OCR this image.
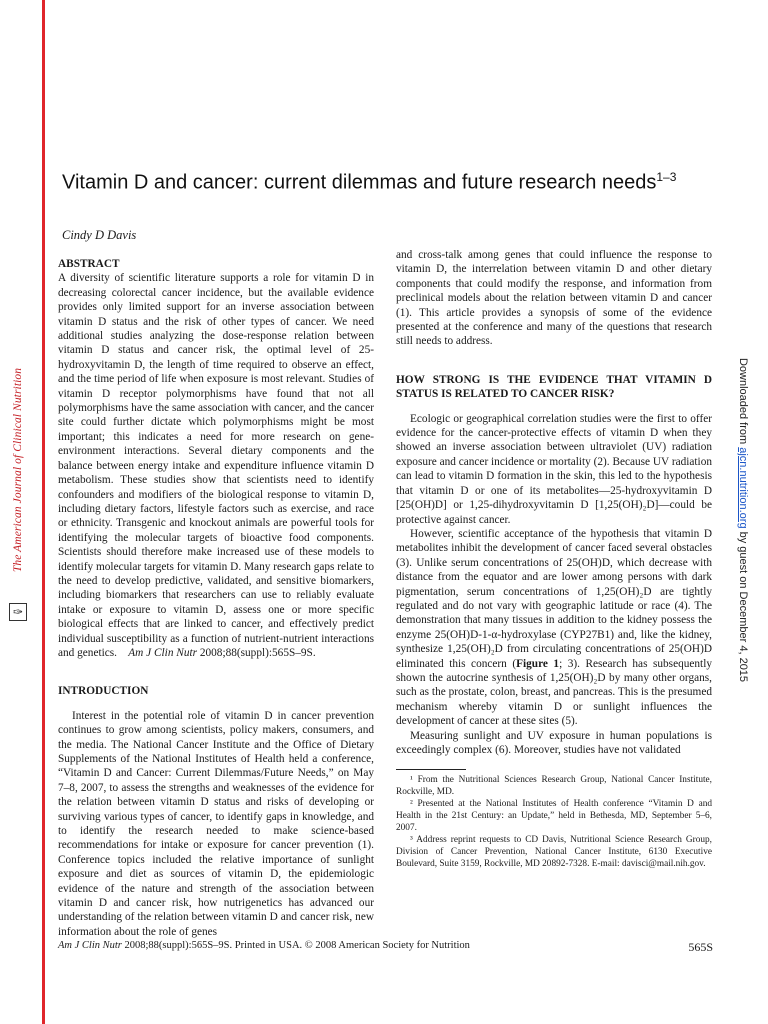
The American Journal of Clinical Nutrition
✑
Downloaded from ajcn.nutrition.org by guest on December 4, 2015
Vitamin D and cancer: current dilemmas and future research needs$^{1-3}$
Cindy D Davis

ABSTRACT

A diversity of scientific literature supports a role for vitamin D in decreasing colorectal cancer incidence, but the available evidence provides only limited support for an inverse association between vitamin D status and the risk of other types of cancer. We need additional studies analyzing the dose-response relation between vitamin D status and cancer risk, the optimal level of 25-hydroxyvitamin D, the length of time required to observe an effect, and the time period of life when exposure is most relevant. Studies of vitamin D receptor polymorphisms have found that not all polymorphisms have the same association with cancer, and the cancer site could further dictate which polymorphisms might be most important; this indicates a need for more research on gene-environment interactions. Several dietary components and the balance between energy intake and expenditure influence vitamin D metabolism. These studies show that scientists need to identify confounders and modifiers of the biological response to vitamin D, including dietary factors, lifestyle factors such as exercise, and race or ethnicity. Transgenic and knockout animals are powerful tools for identifying the molecular targets of bioactive food components. Scientists should therefore make increased use of these models to identify molecular targets for vitamin D. Many research gaps relate to the need to develop predictive, validated, and sensitive biomarkers, including biomarkers that researchers can use to reliably evaluate intake or exposure to vitamin D, assess one or more specific biological effects that are linked to cancer, and effectively predict individual susceptibility as a function of nutrient-nutrient interactions and genetics. Am J Clin Nutr 2008;88(suppl):565S–9S.

INTRODUCTION

Interest in the potential role of vitamin D in cancer prevention continues to grow among scientists, policy makers, consumers, and the media. The National Cancer Institute and the Office of Dietary Supplements of the National Institutes of Health held a conference, “Vitamin D and Cancer: Current Dilemmas/Future Needs,” on May 7–8, 2007, to assess the strengths and weaknesses of the evidence for the relation between vitamin D status and risks of developing or surviving various types of cancer, to identify gaps in knowledge, and to identify the research needed to make science-based recommendations for intake or exposure for cancer prevention (1). Conference topics included the relative importance of sunlight exposure and diet as sources of vitamin D, the epidemiologic evidence of the nature and strength of the association between vitamin D and cancer risk, how nutrigenetics has advanced our understanding of the relation between vitamin D and cancer risk, new information about the role of genes

and cross-talk among genes that could influence the response to vitamin D, the interrelation between vitamin D and other dietary components that could modify the response, and information from preclinical models about the relation between vitamin D and cancer (1). This article provides a synopsis of some of the evidence presented at the conference and many of the questions that research still needs to address.

HOW STRONG IS THE EVIDENCE THAT VITAMIN D STATUS IS RELATED TO CANCER RISK?

Ecologic or geographical correlation studies were the first to offer evidence for the cancer-protective effects of vitamin D when they showed an inverse association between ultraviolet (UV) radiation exposure and cancer incidence or mortality (2). Because UV radiation can lead to vitamin D formation in the skin, this led to the hypothesis that vitamin D or one of its metabolites—25-hydroxyvitamin D [25(OH)D] or 1,25-dihydroxyvitamin D [1,25(OH)₂D]—could be protective against cancer.

However, scientific acceptance of the hypothesis that vitamin D metabolites inhibit the development of cancer faced several obstacles (3). Unlike serum concentrations of 25(OH)D, which decrease with distance from the equator and are lower among persons with dark pigmentation, serum concentrations of 1,25(OH)₂D are tightly regulated and do not vary with geographic latitude or race (4). The demonstration that many tissues in addition to the kidney possess the enzyme 25(OH)D-1-α-hydroxylase (CYP27B1) and, like the kidney, synthesize 1,25(OH)₂D from circulating concentrations of 25(OH)D eliminated this concern (Figure 1; 3). Research has subsequently shown the autocrine synthesis of 1,25(OH)₂D by many other organs, such as the prostate, colon, breast, and pancreas. This is the presumed mechanism whereby vitamin D or sunlight influences the development of cancer at these sites (5).

Measuring sunlight and UV exposure in human populations is exceedingly complex (6). Moreover, studies have not validated

¹ From the Nutritional Sciences Research Group, National Cancer Institute, Rockville, MD.

² Presented at the National Institutes of Health conference “Vitamin D and Health in the 21st Century: an Update,” held in Bethesda, MD, September 5–6, 2007.

³ Address reprint requests to CD Davis, Nutritional Science Research Group, Division of Cancer Prevention, National Cancer Institute, 6130 Executive Boulevard, Suite 3159, Rockville, MD 20892-7328. E-mail: davisci@mail.nih.gov.

Am J Clin Nutr 2008;88(suppl):565S–9S. Printed in USA. © 2008 American Society for Nutrition	565S
